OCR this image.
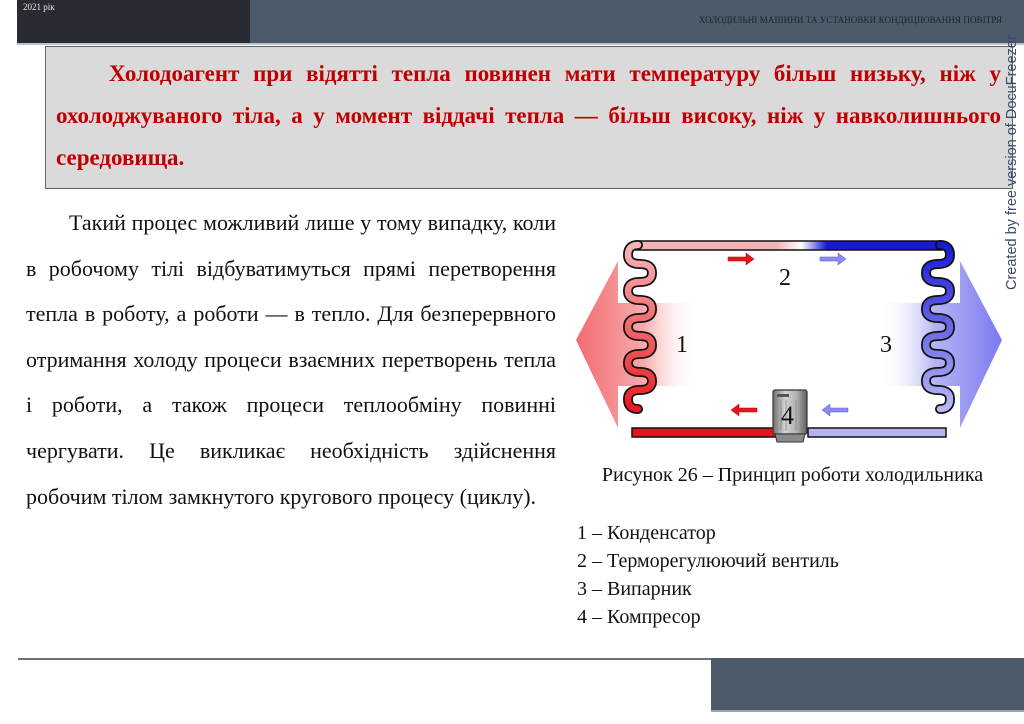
2021 рік
ХОЛОДИЛЬНІ МАШИНИ ТА УСТАНОВКИ КОНДИЦІЮВАННЯ ПОВІТРЯ
Холодоагент при відятті тепла повинен мати температуру більш низьку, ніж у охолоджуваного тіла, а у момент віддачі тепла — більш високу, ніж у навколишнього середовища.
Такий процес можливий лише у тому випадку, коли в робочому тілі відбуватимуться прямі перетворення тепла в роботу, а роботи — в тепло. Для безперервного отримання холоду процеси взаємних перетворень тепла і роботи, а також процеси теплообміну повинні чергувати. Це викликає необхідність здійснення робочим тілом замкнутого кругового процесу (циклу).
1
2
3
4
Рисунок 26 – Принцип роботи холодильника
1 – Конденсатор
2 – Терморегулюючий вентиль
3 – Випарник
4 – Компресор
Created by free version of DocuFreezer
